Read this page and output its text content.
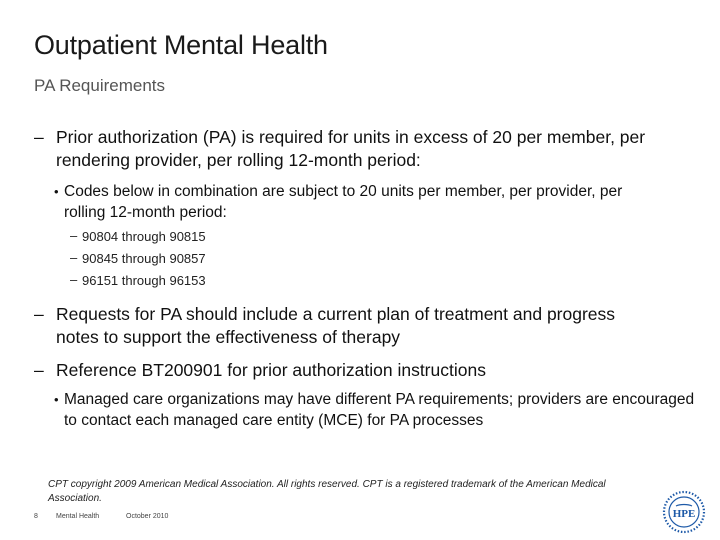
Outpatient Mental Health
PA Requirements
– Prior authorization (PA) is required for units in excess of 20 per member, per rendering provider, per rolling 12-month period:
• Codes below in combination are subject to 20 units per member, per provider, per rolling 12-month period:
– 90804 through 90815
– 90845 through 90857
– 96151 through 96153
– Requests for PA should include a current plan of treatment and progress notes to support the effectiveness of therapy
– Reference BT200901 for prior authorization instructions
• Managed care organizations may have different PA requirements; providers are encouraged to contact each managed care entity (MCE) for PA processes
CPT copyright 2009 American Medical Association. All rights reserved. CPT is a registered trademark of the American Medical Association.
8	Mental Health	October 2010	HPE
